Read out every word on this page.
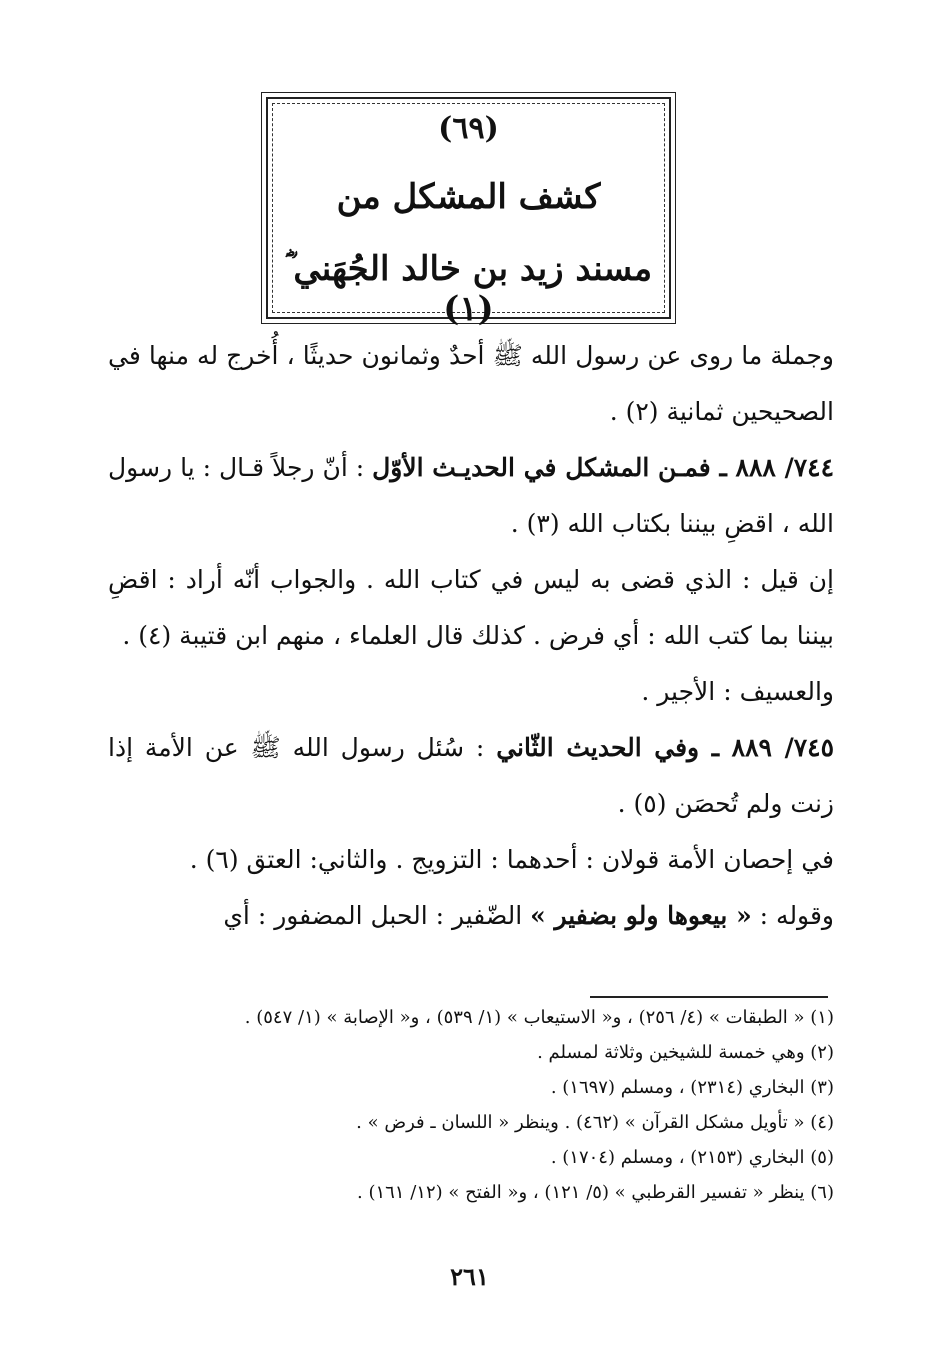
(٦٩)
كشف المشكل من
مسند زيد بن خالد الجُهَني ؓ (١)

وجملة ما روى عن رسول الله ﷺ أحدٌ وثمانون حديثًا ، أُخرج له منها في الصحيحين ثمانية (٢) .

٧٤٤/ ٨٨٨ ـ فمـن المشكل في الحديـث الأوّل : أنّ رجلاً قـال : يا رسول الله ، اقضِ بيننا بكتاب الله (٣) .

إن قيل : الذي قضى به ليس في كتاب الله . والجواب أنّه أراد : اقضِ بيننا بما كتب الله : أي فرض . كذلك قال العلماء ، منهم ابن قتيبة (٤) .

والعسيف : الأجير .

٧٤٥/ ٨٨٩ ـ وفي الحديث الثّاني : سُئل رسول الله ﷺ عن الأمة إذا زنت ولم تُحصَن (٥) .

في إحصان الأمة قولان : أحدهما : التزويج . والثاني: العتق (٦) .

وقوله : « بيعوها ولو بضفير » الضّفير : الحبل المضفور : أي

(١) « الطبقات » (٤/ ٢٥٦) ، و« الاستيعاب » (١/ ٥٣٩) ، و« الإصابة » (١/ ٥٤٧) .

(٢) وهي خمسة للشيخين وثلاثة لمسلم .

(٣) البخاري (٢٣١٤) ، ومسلم (١٦٩٧) .

(٤) « تأويل مشكل القرآن » (٤٦٢) . وينظر « اللسان ـ فرض » .

(٥) البخاري (٢١٥٣) ، ومسلم (١٧٠٤) .

(٦) ينظر « تفسير القرطبي » (٥/ ١٢١) ، و« الفتح » (١٢/ ١٦١) .

٢٦١
